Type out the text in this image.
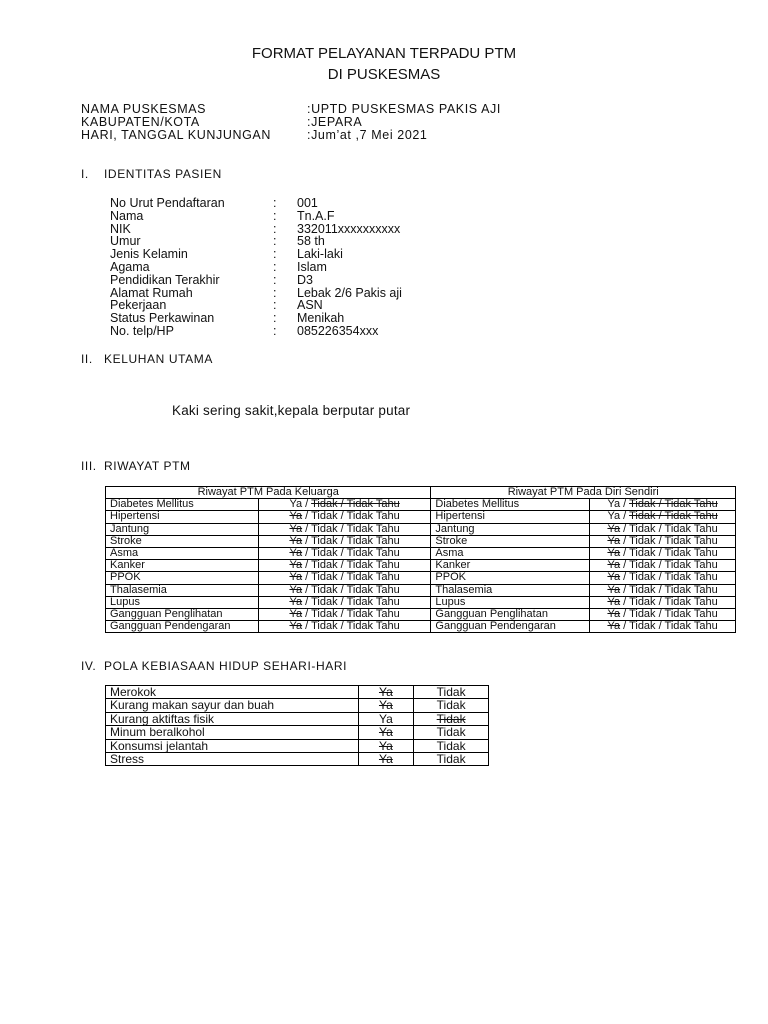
FORMAT PELAYANAN TERPADU PTM
DI PUSKESMAS
NAMA PUSKESMAS	:UPTD PUSKESMAS PAKIS AJI
KABUPATEN/KOTA	:JEPARA
HARI, TANGGAL KUNJUNGAN	:Jum’at ,7 Mei 2021
I. IDENTITAS PASIEN
No Urut Pendaftaran	: 001
Nama	: Tn.A.F
NIK	: 332011xxxxxxxxxx
Umur	: 58 th
Jenis Kelamin	: Laki-laki
Agama	: Islam
Pendidikan Terakhir	: D3
Alamat Rumah	: Lebak 2/6 Pakis aji
Pekerjaan	: ASN
Status Perkawinan	: Menikah
No. telp/HP	: 085226354xxx
II. KELUHAN UTAMA
Kaki sering sakit,kepala berputar putar
III. RIWAYAT PTM
Riwayat PTM Pada Keluarga		Riwayat PTM Pada Diri Sendiri	
Diabetes Mellitus	Ya / Tidak / Tidak Tahu	Diabetes Mellitus	Ya / Tidak / Tidak Tahu
Hipertensi	Ya / Tidak / Tidak Tahu	Hipertensi	Ya / Tidak / Tidak Tahu
Jantung	Ya / Tidak / Tidak Tahu	Jantung	Ya / Tidak / Tidak Tahu
Stroke	Ya / Tidak / Tidak Tahu	Stroke	Ya / Tidak / Tidak Tahu
Asma	Ya / Tidak / Tidak Tahu	Asma	Ya / Tidak / Tidak Tahu
Kanker	Ya / Tidak / Tidak Tahu	Kanker	Ya / Tidak / Tidak Tahu
PPOK	Ya / Tidak / Tidak Tahu	PPOK	Ya / Tidak / Tidak Tahu
Thalasemia	Ya / Tidak / Tidak Tahu	Thalasemia	Ya / Tidak / Tidak Tahu
Lupus	Ya / Tidak / Tidak Tahu	Lupus	Ya / Tidak / Tidak Tahu
Gangguan Penglihatan	Ya / Tidak / Tidak Tahu	Gangguan Penglihatan	Ya / Tidak / Tidak Tahu
Gangguan Pendengaran	Ya / Tidak / Tidak Tahu	Gangguan Pendengaran	Ya / Tidak / Tidak Tahu
IV. POLA KEBIASAAN HIDUP SEHARI-HARI
Merokok	Ya	Tidak
Kurang makan sayur dan buah	Ya	Tidak
Kurang aktiftas fisik	Ya	Tidak
Minum beralkohol	Ya	Tidak
Konsumsi jelantah	Ya	Tidak
Stress	Ya	Tidak
